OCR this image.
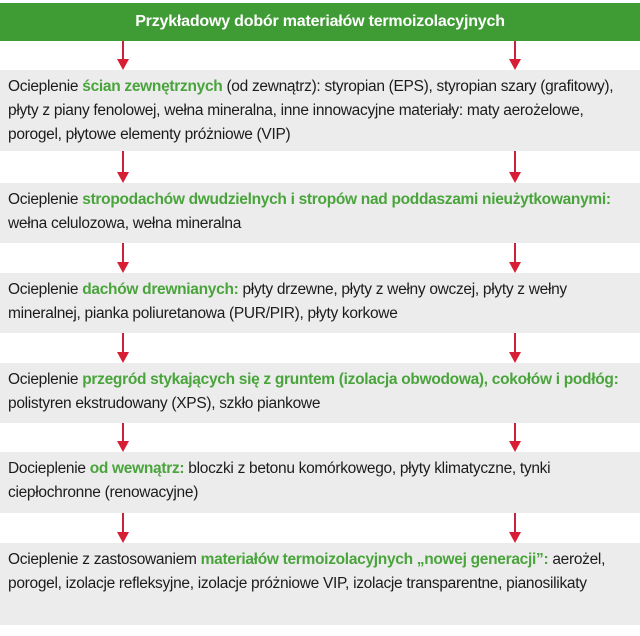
Przykładowy dobór materiałów termoizolacyjnych
Ocieplenie ścian zewnętrznych (od zewnątrz): styropian (EPS), styropian szary (grafitowy), płyty z piany fenolowej, wełna mineralna, inne innowacyjne materiały: maty aerożelowe, porogel, płytowe elementy próżniowe (VIP)
Ocieplenie stropodachów dwudzielnych i stropów nad poddaszami nieużytkowanymi: wełna celulozowa, wełna mineralna
Ocieplenie dachów drewnianych: płyty drzewne, płyty z wełny owczej, płyty z wełny mineralnej, pianka poliuretanowa (PUR/PIR), płyty korkowe
Ocieplenie przegród stykających się z gruntem (izolacja obwodowa), cokołów i podłóg: polistyren ekstrudowany (XPS), szkło piankowe
Docieplenie od wewnątrz: bloczki z betonu komórkowego, płyty klimatyczne, tynki ciepłochronne (renowacyjne)
Ocieplenie z zastosowaniem materiałów termoizolacyjnych „nowej generacji”: aerożel, porogel, izolacje refleksyjne, izolacje próżniowe VIP, izolacje transparentne, pianosilikaty
